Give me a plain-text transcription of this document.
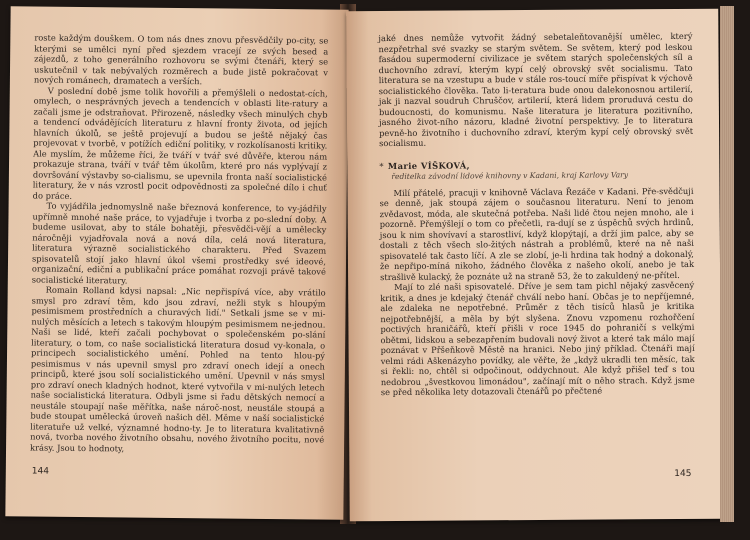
roste každým douškem. O tom nás dnes znovu přesvědčily po-city, se kterými se umělci nyní před sjezdem vracejí ze svých besed a zájezdů, z toho generálního rozhovoru se svými čtenáři, který se uskutečnil v tak nebývalých rozměrech a bude jistě pokračovat v nových románech, dramatech a verších.

V poslední době jsme tolik hovořili a přemýšleli o nedostat-cích, omylech, o nesprávných jevech a tendencích v oblasti lite-ratury a začali jsme je odstraňovat. Přirozeně, následky všech minulých chyb a tendencí odvádějících literaturu z hlavní fronty života, od jejích hlavních úkolů, se ještě projevují a budou se ještě nějaký čas projevovat v tvorbě, v potížích ediční politiky, v rozkolísanosti kritiky. Ale myslím, že můžeme říci, že tváří v tvář své důvěře, kterou nám prokazuje strana, tváří v tvář těm úkolům, které pro nás vyplývají z dovršování výstavby so-cialismu, se upevnila fronta naší socialistické literatury, že v nás vzrostl pocit odpovědnosti za společné dílo i chuť do práce.

To vyjádřila jednomyslně naše březnová konference, to vy-jádřily upřímně mnohé naše práce, to vyjadřuje i tvorba z po-slední doby. A budeme usilovat, aby to stále bohatěji, přesvědči-vějí a umělecky náročněji vyjadřovala nová a nová díla, celá nová literatura, literatura výrazně socialistického charakteru. Před Svazem spisovatelů stojí jako hlavní úkol všemi prostředky své ideové, organizační, ediční a publikační práce pomáhat rozvoji právě takové socialistické literatury.

Romain Rolland kdysi napsal: „Nic nepřispívá více, aby vrátilo smysl pro zdraví těm, kdo jsou zdraví, nežli styk s hloupým pesimismem prostředních a churavých lidí." Setkali jsme se v mi-nulých měsících a letech s takovým hloupým pesimismem ne-jednou. Naši se lidé, kteří začali pochybovat o společenském po-slání literatury, o tom, co naše socialistická literatura dosud vy-konala, o principech socialistického umění. Pohled na tento hlou-pý pesimismus v nás upevnil smysl pro zdraví onech idejí a onech principů, které jsou solí socialistického umění. Upevnil v nás smysl pro zdraví onech kladných hodnot, které vytvořila v mi-nulých letech naše socialistická literatura. Odbyli jsme si řadu dětských nemocí a neustále stoupají naše měřítka, naše nároč-nost, neustále stoupá a bude stoupat umělecká úroveň našich děl. Měme v naší socialistické literatuře už velké, významné hodno-ty. Je to literatura kvalitativně nová, tvorba nového životního obsahu, nového životního pocitu, nové krásy. Jsou to hodnoty,

144

jaké dnes nemůže vytvořit žádný sebetaleňtovanější umělec, který nezpřetrhal své svazky se starým světem. Se světem, který pod leskou fasádou supermoderní civilizace je světem starých společenských síl a duchovního zdraví, kterým kypí celý obrovský svět socialismu. Tato literatura se na vzestupu a bude v stále ros-toucí míře přispívat k výchově socialistického člověka. Tato li-teratura bude onou dalekonosnou artilerií, jak ji nazval soudruh Chruščov, artilerií, která lidem proruduvá cestu do budoucnosti, do komunismu. Naše literatura je literatura pozitivního, jasného život-ního názoru, kladné životní perspektivy. Je to literatura pevně-ho životního i duchovního zdraví, kterým kypí celý obrovský svět socialismu.

* Marie VÍŠKOVÁ,
ředitelka závodní lidové knihovny v Kadani, kraj Karlovy Vary

Milí přátelé, pracuji v knihovně Václava Řezáče v Kadani. Pře-svědčuji se denně, jak stoupá zájem o současnou literaturu. Není to jenom zvědavost, móda, ale skutečná potřeba. Naši lidé čtou nejen mnoho, ale i pozorně. Přemýšlejí o tom co přečetli, ra-dují se z úspěchů svých hrdinů, jsou k nim shovívaví a starostliví, když klopýtají, a drží jim palce, aby se dostali z těch všech slo-žitých nástrah a problémů, které na ně naši spisovatelé tak často líčí. A zle se zlobí, je-li hrdina tak hodný a dokonalý, že nepřipo-míná nikoho, žádného člověka z našeho okolí, anebo je tak strašlivě kulacký, že poznáte už na straně 53, že to zakuldený ne-přítel.

Mají to zlé naši spisovatelé. Dříve je sem tam pichl nějaký zasvěcený kritik, a dnes je kdejaký čtenář chválí nebo haní. Občas je to nepříjemné, ale zdaleka ne nepotřebné. Průměr z těch tisíců hlasů je kritika nejpotřebnější, a měla by být slyšena. Znovu vzpomenu rozhořčení poctivých hraničářů, kteří přišli v roce 1945 do pohraničí s velkými obětmi, lidskou a sebezapřením budovali nový život a které tak málo mají poznávat v Přšeňkově Městě na hranici. Nebo jiný příklad. Čtenáři mají velmi rádi Aškenázyho povídky, ale věřte, že „když ukradli ten měsíc, tak si řekli: no, chtěl si odpočinout, oddychnout. Ale když přišel teď s tou nedobrou „švestkovou limonádou", začínají mít o něho strach. Když jsme se před několika lety dotazovali čtenářů po přečtené

145
